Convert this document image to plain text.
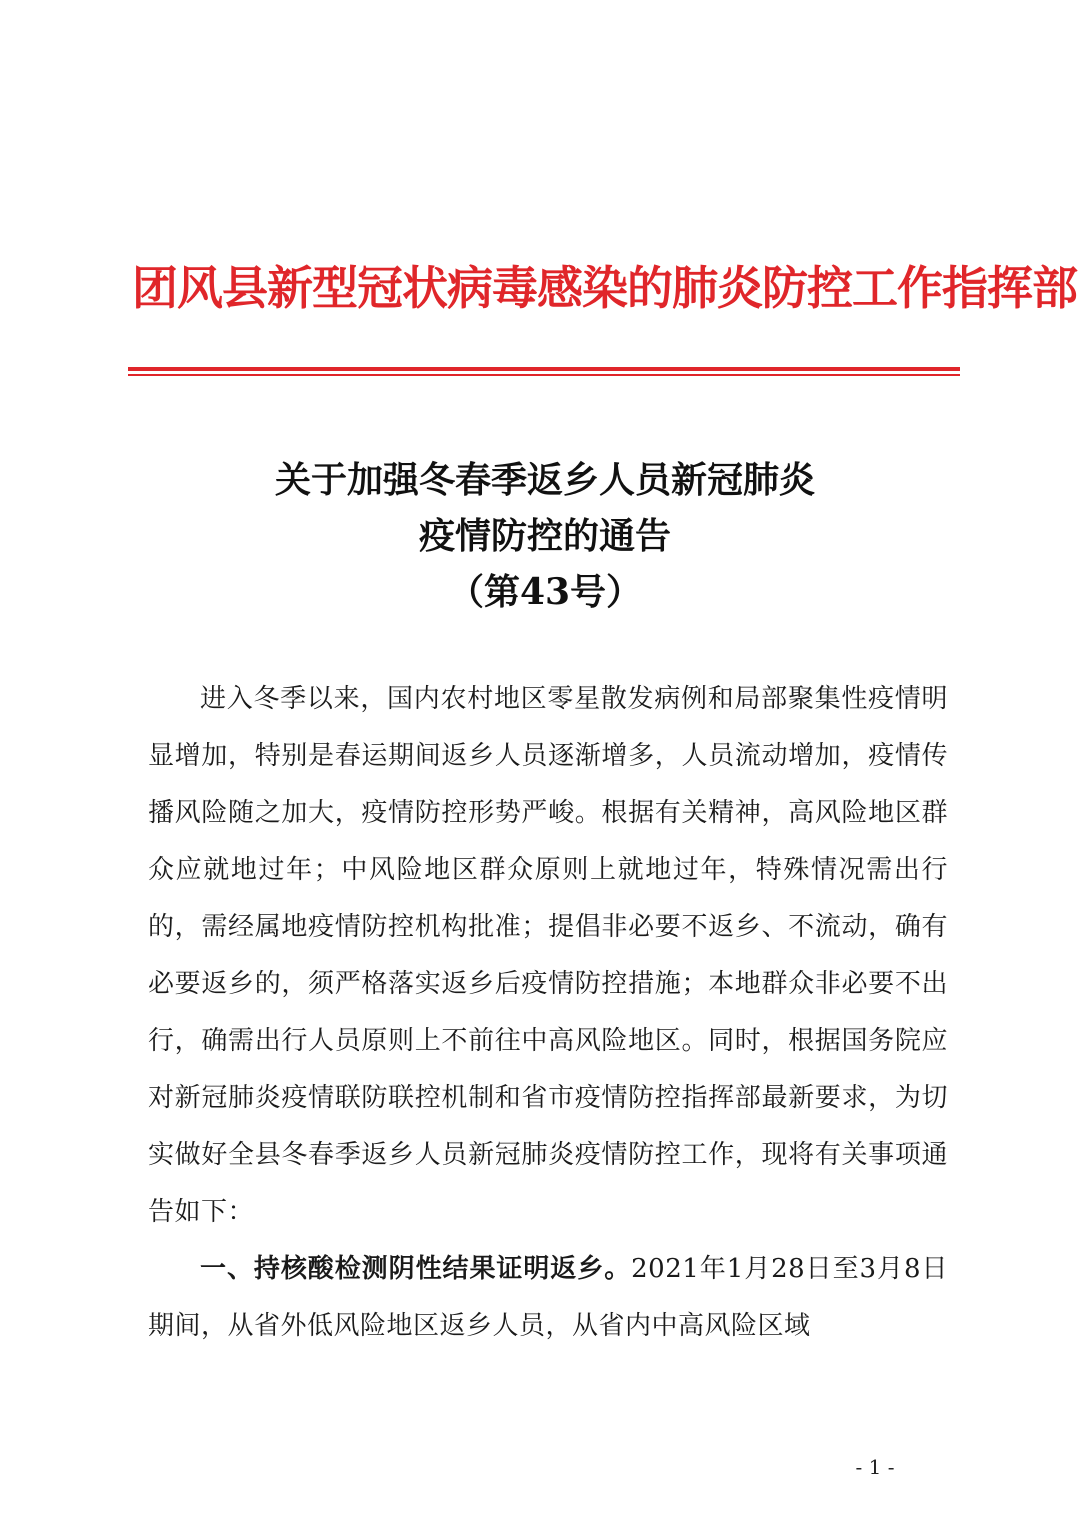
团风县新型冠状病毒感染的肺炎防控工作指挥部
关于加强冬春季返乡人员新冠肺炎
疫情防控的通告
（第43号）

进入冬季以来，国内农村地区零星散发病例和局部聚集性疫情明显增加，特别是春运期间返乡人员逐渐增多，人员流动增加，疫情传播风险随之加大，疫情防控形势严峻。根据有关精神，高风险地区群众应就地过年；中风险地区群众原则上就地过年，特殊情况需出行的，需经属地疫情防控机构批准；提倡非必要不返乡、不流动，确有必要返乡的，须严格落实返乡后疫情防控措施；本地群众非必要不出行，确需出行人员原则上不前往中高风险地区。同时，根据国务院应对新冠肺炎疫情联防联控机制和省市疫情防控指挥部最新要求，为切实做好全县冬春季返乡人员新冠肺炎疫情防控工作，现将有关事项通告如下：

一、持核酸检测阴性结果证明返乡。2021年1月28日至3月8日期间，从省外低风险地区返乡人员，从省内中高风险区域

- 1 -
